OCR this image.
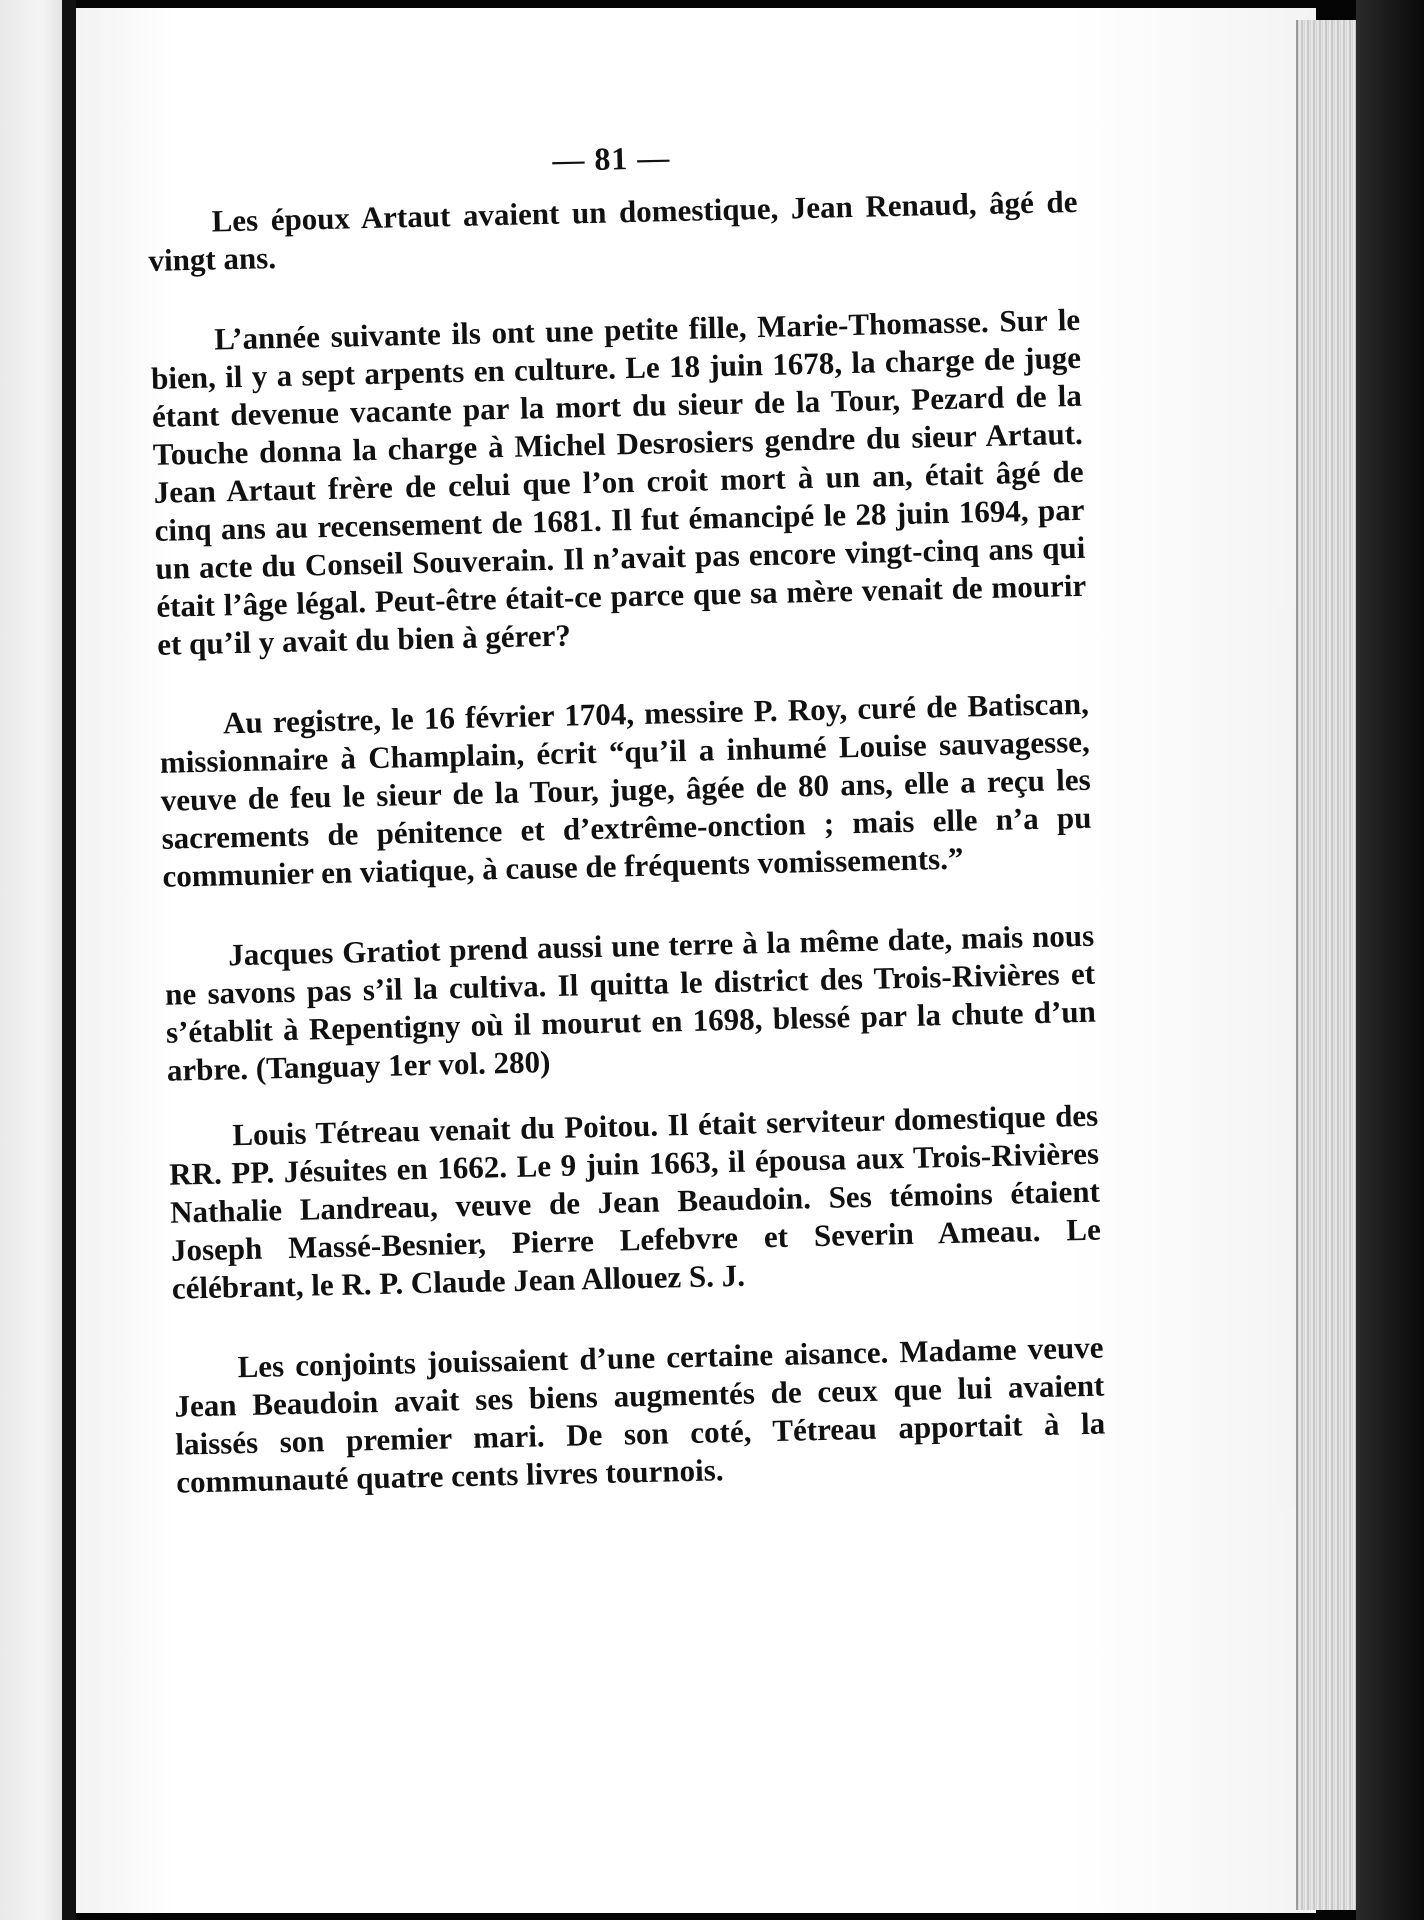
— 81 —

Les époux Artaut avaient un domestique, Jean Renaud, âgé de vingt ans.

L’année suivante ils ont une petite fille, Marie-Thomasse. Sur le bien, il y a sept arpents en culture. Le 18 juin 1678, la charge de juge étant devenue vacante par la mort du sieur de la Tour, Pezard de la Touche donna la charge à Michel Desrosiers gendre du sieur Artaut. Jean Artaut frère de celui que l’on croit mort à un an, était âgé de cinq ans au recensement de 1681. Il fut émancipé le 28 juin 1694, par un acte du Conseil Souverain. Il n’avait pas encore vingt-cinq ans qui était l’âge légal. Peut-être était-ce parce que sa mère venait de mourir et qu’il y avait du bien à gérer?

Au registre, le 16 février 1704, messire P. Roy, curé de Batiscan, missionnaire à Champlain, écrit “qu’il a inhumé Louise sauvagesse, veuve de feu le sieur de la Tour, juge, âgée de 80 ans, elle a reçu les sacrements de pénitence et d’extrême-onction ; mais elle n’a pu communier en viatique, à cause de fréquents vomissements.”

Jacques Gratiot prend aussi une terre à la même date, mais nous ne savons pas s’il la cultiva. Il quitta le district des Trois-Rivières et s’établit à Repentigny où il mourut en 1698, blessé par la chute d’un arbre. (Tanguay 1er vol. 280)

Louis Tétreau venait du Poitou. Il était serviteur domestique des RR. PP. Jésuites en 1662. Le 9 juin 1663, il épousa aux Trois-Rivières Nathalie Landreau, veuve de Jean Beaudoin. Ses témoins étaient Joseph Massé-Besnier, Pierre Lefebvre et Severin Ameau. Le célébrant, le R. P. Claude Jean Allouez S. J.

Les conjoints jouissaient d’une certaine aisance. Madame veuve Jean Beaudoin avait ses biens augmentés de ceux que lui avaient laissés son premier mari. De son coté, Tétreau apportait à la communauté quatre cents livres tournois.
